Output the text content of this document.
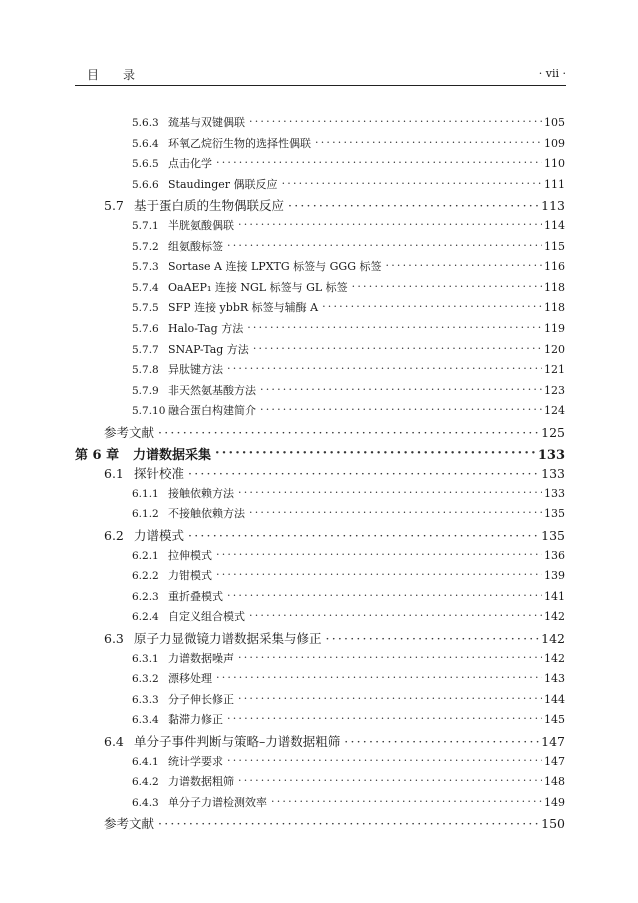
目 录	· vii ·
5.6.3 巯基与双键偶联 ·····	105
5.6.4 环氧乙烷衍生物的选择性偶联 ·····	109
5.6.5 点击化学 ·····	110
5.6.6 Staudinger 偶联反应 ·····	111
5.7 基于蛋白质的生物偶联反应 ·····	113
5.7.1 半胱氨酸偶联 ·····	114
5.7.2 组氨酸标签 ·····	115
5.7.3 Sortase A 连接 LPXTG 标签与 GGG 标签 ·····	116
5.7.4 OaAEP₁ 连接 NGL 标签与 GL 标签 ·····	118
5.7.5 SFP 连接 ybbR 标签与辅酶 A ·····	118
5.7.6 Halo-Tag 方法 ·····	119
5.7.7 SNAP-Tag 方法 ·····	120
5.7.8 异肽键方法 ·····	121
5.7.9 非天然氨基酸方法 ·····	123
5.7.10 融合蛋白构建简介 ·····	124
参考文献 ·····	125
第 6 章	力谱数据采集 ·····	133
6.1 探针校准 ·····	133
6.1.1 接触依赖方法 ·····	133
6.1.2 不接触依赖方法 ·····	135
6.2 力谱模式 ·····	135
6.2.1 拉伸模式 ·····	136
6.2.2 力钳模式 ·····	139
6.2.3 重折叠模式 ·····	141
6.2.4 自定义组合模式 ·····	142
6.3 原子力显微镜力谱数据采集与修正 ·····	142
6.3.1 力谱数据噪声 ·····	142
6.3.2 漂移处理 ·····	143
6.3.3 分子伸长修正 ·····	144
6.3.4 黏滞力修正 ·····	145
6.4 单分子事件判断与策略–力谱数据粗筛 ·····	147
6.4.1 统计学要求 ·····	147
6.4.2 力谱数据粗筛 ·····	148
6.4.3 单分子力谱检测效率 ·····	149
参考文献 ·····	150
